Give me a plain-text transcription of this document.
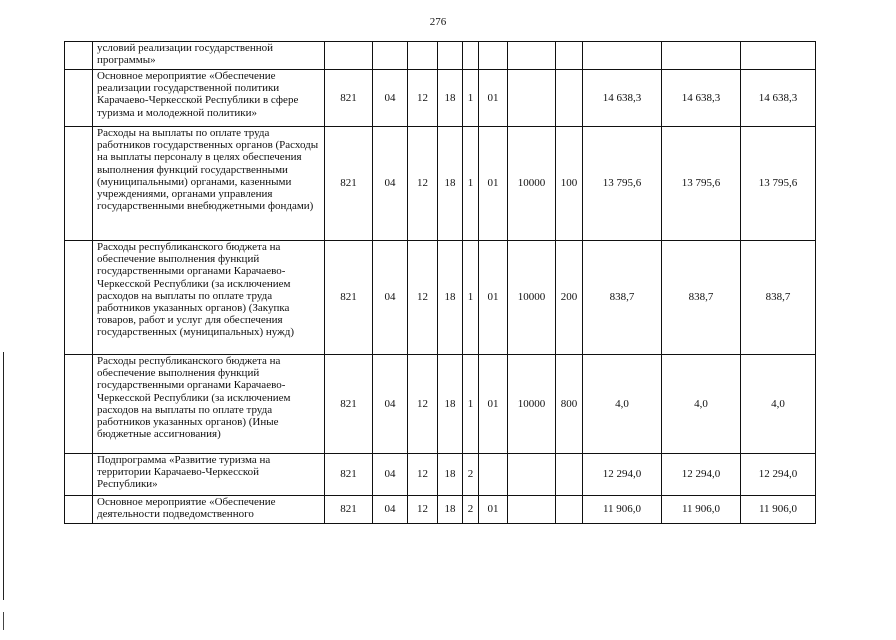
276
	условий реализации государственной программы»											
	Основное мероприятие «Обеспечение реализации государственной политики Карачаево-Черкесской Республики в сфере туризма и молодежной политики»	821	04	12	18	1	01			14 638,3	14 638,3	14 638,3
	Расходы на выплаты по оплате труда работников государственных органов (Расходы на выплаты персоналу в целях обеспечения выполнения функций государственными (муниципальными) органами, казенными учреждениями, органами управления государственными внебюджетными фондами)	821	04	12	18	1	01	10000	100	13 795,6	13 795,6	13 795,6
	Расходы республиканского бюджета на обеспечение выполнения функций государственными органами Карачаево-Черкесской Республики (за исключением расходов на выплаты по оплате труда работников указанных органов) (Закупка товаров, работ и услуг для обеспечения государственных (муниципальных) нужд)	821	04	12	18	1	01	10000	200	838,7	838,7	838,7
	Расходы республиканского бюджета на обеспечение выполнения функций государственными органами Карачаево-Черкесской Республики (за исключением расходов на выплаты по оплате труда работников указанных органов) (Иные бюджетные ассигнования)	821	04	12	18	1	01	10000	800	4,0	4,0	4,0
	Подпрограмма «Развитие туризма на территории Карачаево-Черкесской Республики»	821	04	12	18	2				12 294,0	12 294,0	12 294,0
	Основное мероприятие «Обеспечение деятельности подведомственного	821	04	12	18	2	01			11 906,0	11 906,0	11 906,0
